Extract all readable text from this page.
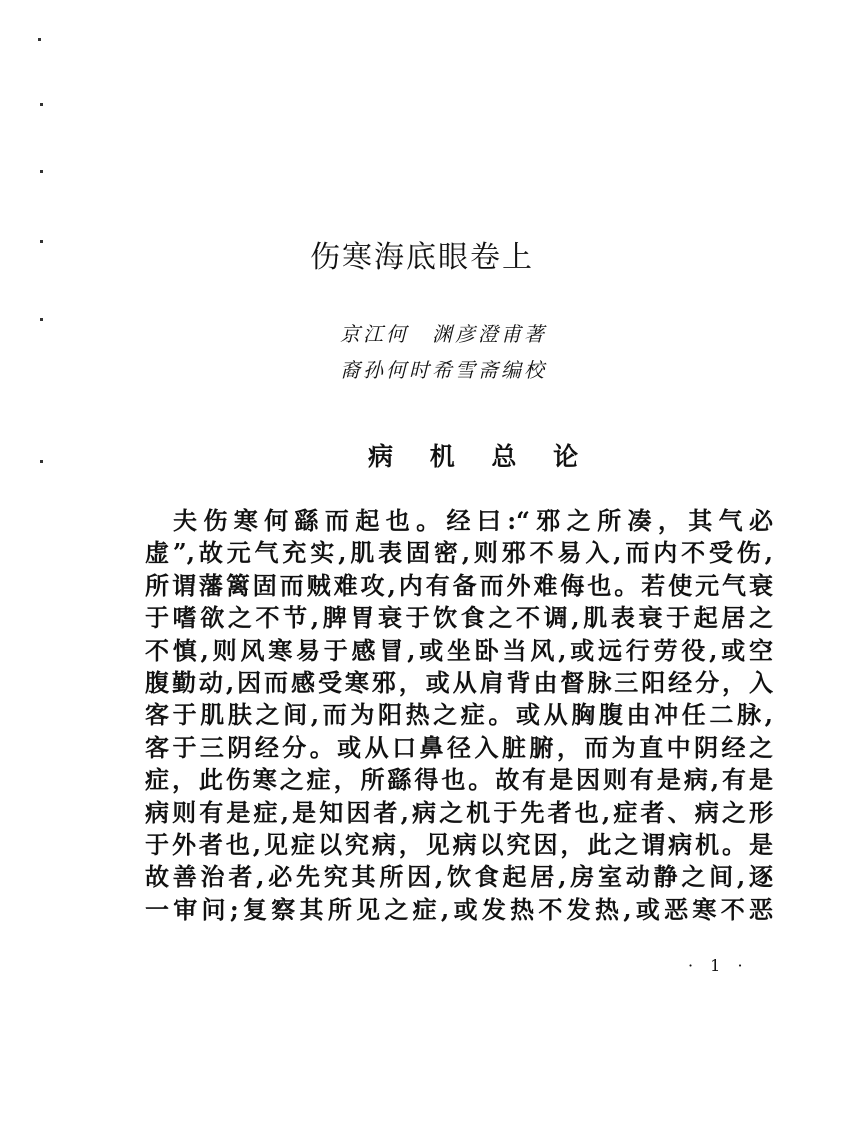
伤寒海底眼卷上
京江何　渊彦澄甫著
裔孙何时希雪斋编校
病 机 总 论
夫伤寒何繇而起也。经曰:“邪之所凑，其气必
虚”,故元气充实,肌表固密,则邪不易入,而内不受伤,
所谓藩篱固而贼难攻,内有备而外难侮也。若使元气衰
于嗜欲之不节,脾胃衰于饮食之不调,肌表衰于起居之
不慎,则风寒易于感冒,或坐卧当风,或远行劳役,或空
腹勤动,因而感受寒邪，或从肩背由督脉三阳经分，入
客于肌肤之间,而为阳热之症。或从胸腹由冲任二脉,
客于三阴经分。或从口鼻径入脏腑，而为直中阴经之
症，此伤寒之症，所繇得也。故有是因则有是病,有是
病则有是症,是知因者,病之机于先者也,症者、病之形
于外者也,见症以究病，见病以究因，此之谓病机。是
故善治者,必先究其所因,饮食起居,房室动静之间,逐
一审问;复察其所见之症,或发热不发热,或恶寒不恶
· 1 ·
